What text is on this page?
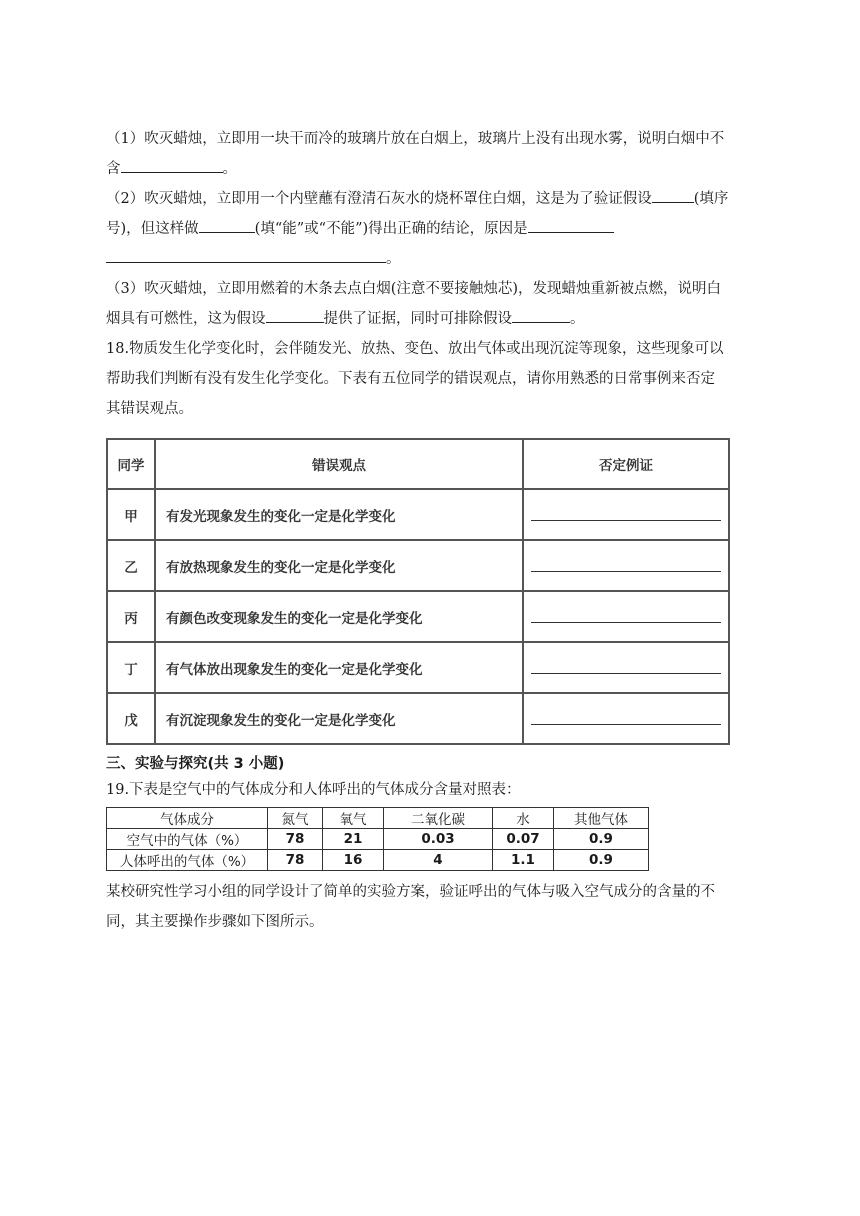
（1）吹灭蜡烛，立即用一块干而冷的玻璃片放在白烟上，玻璃片上没有出现水雾，说明白烟中不

含	。

（2）吹灭蜡烛，立即用一个内壁蘸有澄清石灰水的烧杯罩住白烟，这是为了验证假设	(填序

号)，但这样做	(填“能”或“不能”)得出正确的结论，原因是

。

（3）吹灭蜡烛，立即用燃着的木条去点白烟(注意不要接触烛芯)，发现蜡烛重新被点燃，说明白

烟具有可燃性，这为假设	提供了证据，同时可排除假设	。

18.物质发生化学变化时，会伴随发光、放热、变色、放出气体或出现沉淀等现象，这些现象可以

帮助我们判断有没有发生化学变化。下表有五位同学的错误观点，请你用熟悉的日常事例来否定

其错误观点。

同学	错误观点	否定例证
甲	有发光现象发生的变化一定是化学变化	
乙	有放热现象发生的变化一定是化学变化	
丙	有颜色改变现象发生的变化一定是化学变化	
丁	有气体放出现象发生的变化一定是化学变化	
戊	有沉淀现象发生的变化一定是化学变化	
三、实验与探究(共 3 小题)

19.下表是空气中的气体成分和人体呼出的气体成分含量对照表：

气体成分	氮气	氧气	二氧化碳	水	其他气体
空气中的气体（%）	78	21	0.03	0.07	0.9
人体呼出的气体（%）	78	16	4	1.1	0.9

某校研究性学习小组的同学设计了简单的实验方案，验证呼出的气体与吸入空气成分的含量的不

同，其主要操作步骤如下图所示。
